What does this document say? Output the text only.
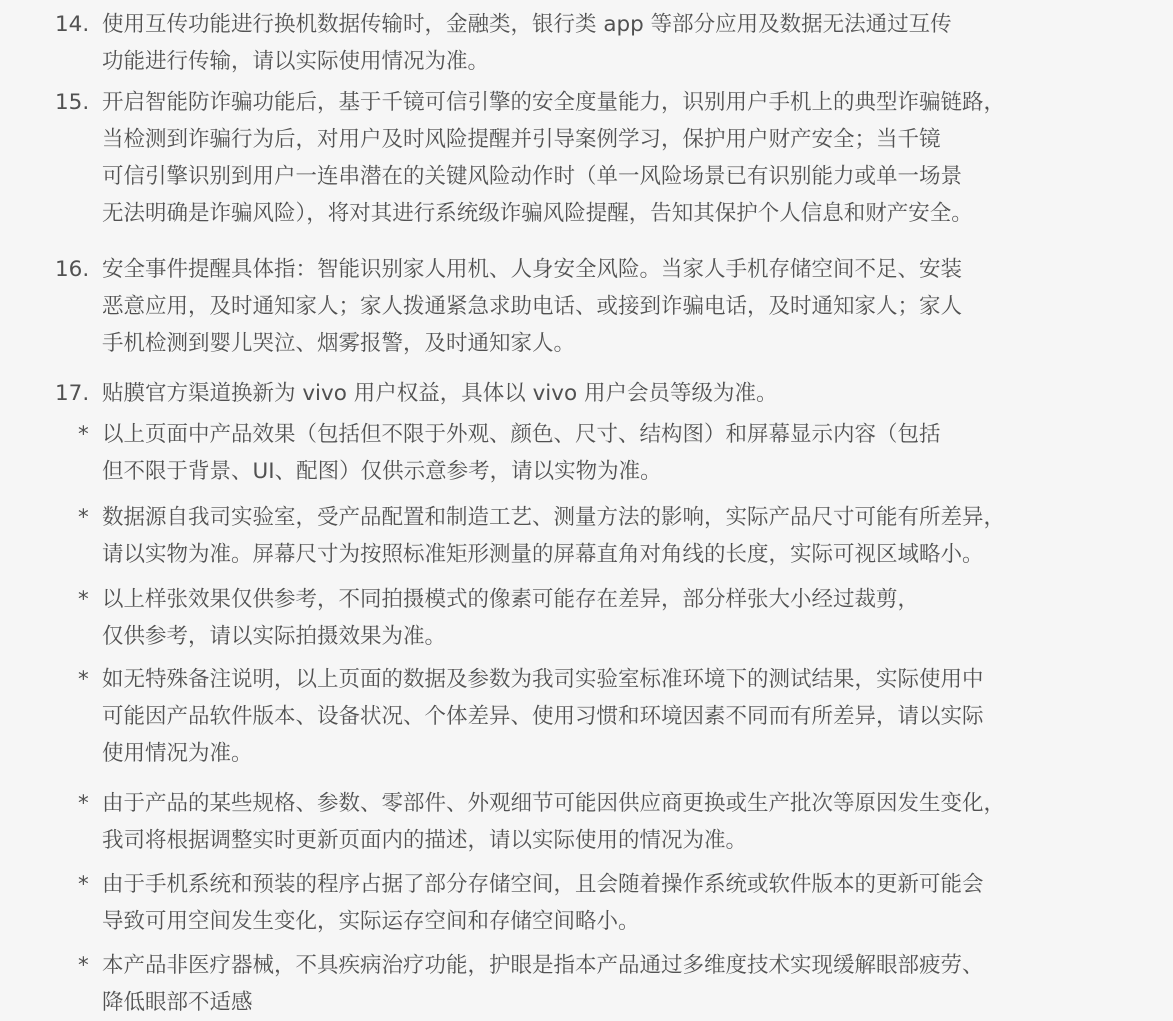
14. 使用互传功能进行换机数据传输时，金融类，银行类 app 等部分应用及数据无法通过互传
功能进行传输，请以实际使用情况为准。
15. 开启智能防诈骗功能后，基于千镜可信引擎的安全度量能力，识别用户手机上的典型诈骗链路，
当检测到诈骗行为后，对用户及时风险提醒并引导案例学习，保护用户财产安全；当千镜
可信引擎识别到用户一连串潜在的关键风险动作时（单一风险场景已有识别能力或单一场景
无法明确是诈骗风险），将对其进行系统级诈骗风险提醒，告知其保护个人信息和财产安全。
16. 安全事件提醒具体指：智能识别家人用机、人身安全风险。当家人手机存储空间不足、安装
恶意应用，及时通知家人；家人拨通紧急求助电话、或接到诈骗电话，及时通知家人；家人
手机检测到婴儿哭泣、烟雾报警，及时通知家人。
17. 贴膜官方渠道换新为 vivo 用户权益，具体以 vivo 用户会员等级为准。
* 以上页面中产品效果（包括但不限于外观、颜色、尺寸、结构图）和屏幕显示内容（包括
但不限于背景、UI、配图）仅供示意参考，请以实物为准。
* 数据源自我司实验室，受产品配置和制造工艺、测量方法的影响，实际产品尺寸可能有所差异，
请以实物为准。屏幕尺寸为按照标准矩形测量的屏幕直角对角线的长度，实际可视区域略小。
* 以上样张效果仅供参考，不同拍摄模式的像素可能存在差异，部分样张大小经过裁剪，
仅供参考，请以实际拍摄效果为准。
* 如无特殊备注说明，以上页面的数据及参数为我司实验室标准环境下的测试结果，实际使用中
可能因产品软件版本、设备状况、个体差异、使用习惯和环境因素不同而有所差异，请以实际
使用情况为准。
* 由于产品的某些规格、参数、零部件、外观细节可能因供应商更换或生产批次等原因发生变化，
我司将根据调整实时更新页面内的描述，请以实际使用的情况为准。
* 由于手机系统和预装的程序占据了部分存储空间，且会随着操作系统或软件版本的更新可能会
导致可用空间发生变化，实际运存空间和存储空间略小。
* 本产品非医疗器械，不具疾病治疗功能，护眼是指本产品通过多维度技术实现缓解眼部疲劳、
降低眼部不适感
